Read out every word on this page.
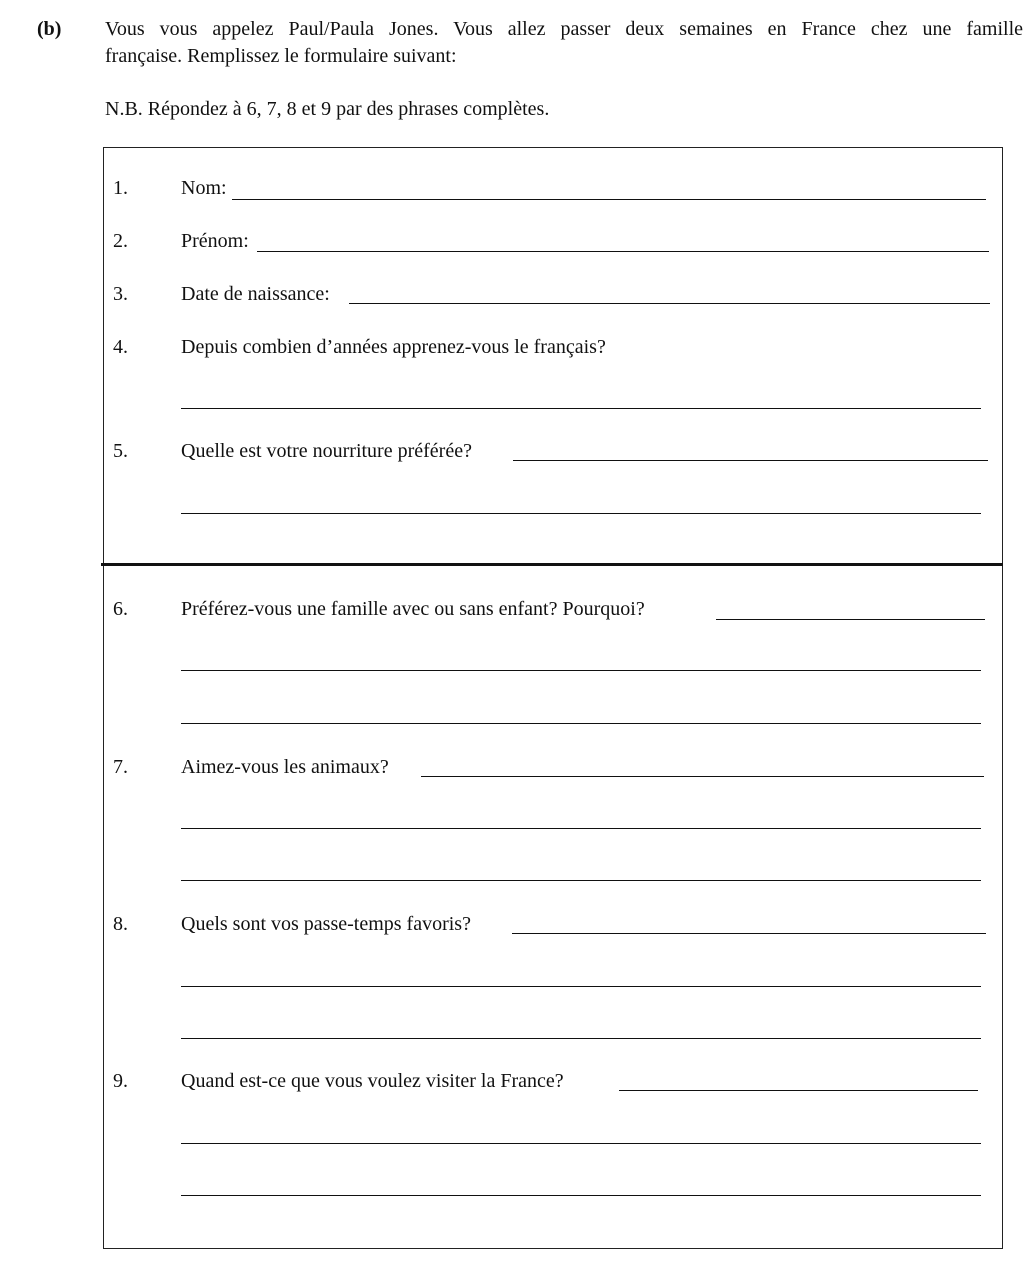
(b) Vous vous appelez Paul/Paula Jones. Vous allez passer deux semaines en France chez une famille
française. Remplissez le formulaire suivant:
N.B. Répondez à 6, 7, 8 et 9 par des phrases complètes.
1.	Nom:
2.	Prénom:
3.	Date de naissance:
4.	Depuis combien d’années apprenez-vous le français?
5.	Quelle est votre nourriture préférée?
6.	Préférez-vous une famille avec ou sans enfant? Pourquoi?
7.	Aimez-vous les animaux?
8.	Quels sont vos passe-temps favoris?
9.	Quand est-ce que vous voulez visiter la France?
